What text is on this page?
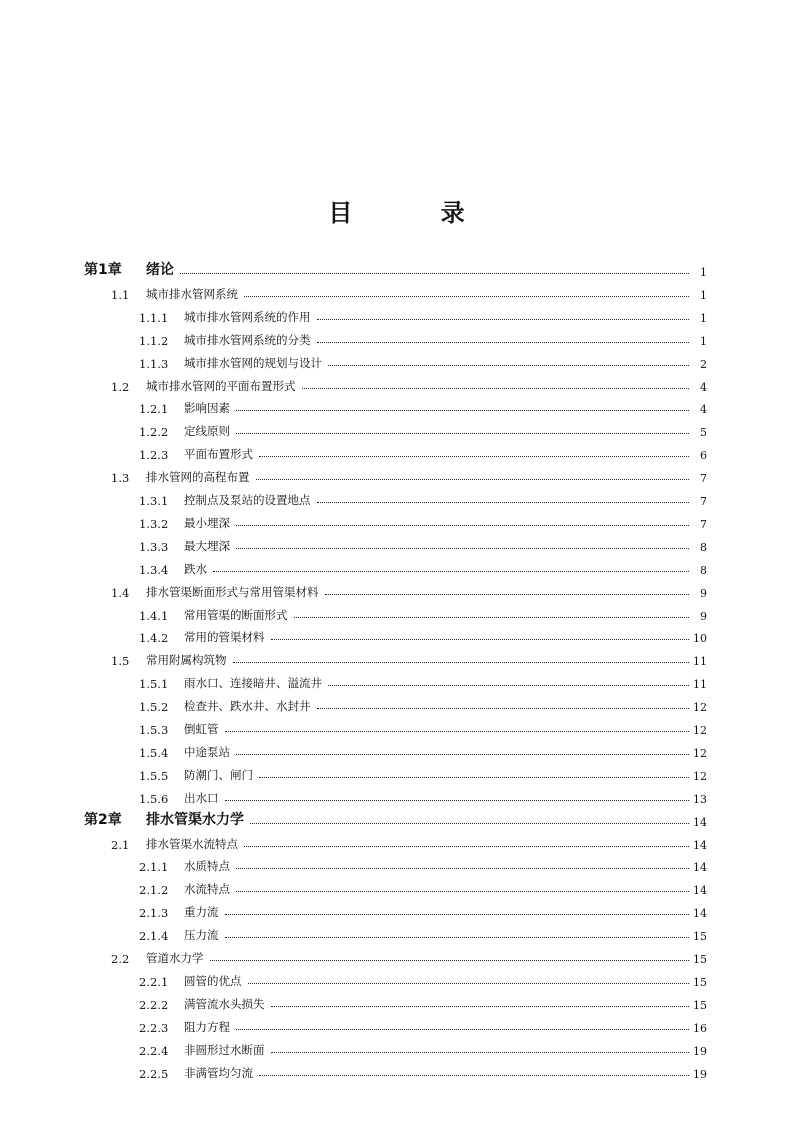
目 录
第1章	绪论	1
1.1	城市排水管网系统	1
1.1.1	城市排水管网系统的作用	1
1.1.2	城市排水管网系统的分类	1
1.1.3	城市排水管网的规划与设计	2
1.2	城市排水管网的平面布置形式	4
1.2.1	影响因素	4
1.2.2	定线原则	5
1.2.3	平面布置形式	6
1.3	排水管网的高程布置	7
1.3.1	控制点及泵站的设置地点	7
1.3.2	最小埋深	7
1.3.3	最大埋深	8
1.3.4	跌水	8
1.4	排水管渠断面形式与常用管渠材料	9
1.4.1	常用管渠的断面形式	9
1.4.2	常用的管渠材料	10
1.5	常用附属构筑物	11
1.5.1	雨水口、连接暗井、溢流井	11
1.5.2	检查井、跌水井、水封井	12
1.5.3	倒虹管	12
1.5.4	中途泵站	12
1.5.5	防潮门、闸门	12
1.5.6	出水口	13
第2章	排水管渠水力学	14
2.1	排水管渠水流特点	14
2.1.1	水质特点	14
2.1.2	水流特点	14
2.1.3	重力流	14
2.1.4	压力流	15
2.2	管道水力学	15
2.2.1	圆管的优点	15
2.2.2	满管流水头损失	15
2.2.3	阻力方程	16
2.2.4	非圆形过水断面	19
2.2.5	非满管均匀流	19
